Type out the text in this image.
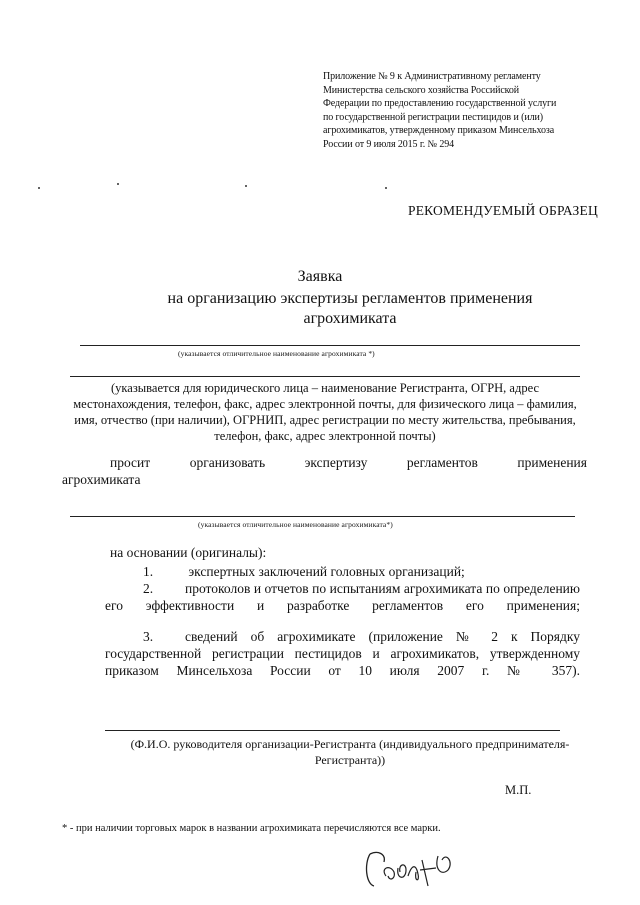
Приложение № 9 к Административному регламенту
Министерства сельского хозяйства Российской
Федерации по предоставлению государственной услуги
по государственной регистрации пестицидов и (или)
агрохимикатов, утвержденному приказом Минсельхоза
России от 9 июля 2015 г. № 294
РЕКОМЕНДУЕМЫЙ ОБРАЗЕЦ
Заявка
на организацию экспертизы регламентов применения агрохимиката
(указывается отличительное наименование агрохимиката *)
(указывается для юридического лица – наименование Регистранта, ОГРН, адрес местонахождения, телефон, факс, адрес электронной почты, для физического лица – фамилия, имя, отчество (при наличии), ОГРНИП, адрес регистрации по месту жительства, пребывания, телефон, факс, адрес электронной почты)
просит	организовать	экспертизу	регламентов	применения
агрохимиката
(указывается отличительное наименование агрохимиката*)
на основании (оригиналы):
1.	экспертных заключений головных организаций;
2. протоколов и отчетов по испытаниям агрохимиката по определению его эффективности и разработке регламентов его применения;
3. сведений об агрохимикате (приложение № 2 к Порядку государственной регистрации пестицидов и агрохимикатов, утвержденному приказом Минсельхоза России от 10 июля 2007 г. № 357).
(Ф.И.О. руководителя организации-Регистранта (индивидуального предпринимателя-Регистранта))
М.П.
* - при наличии торговых марок в названии агрохимиката перечисляются все марки.
